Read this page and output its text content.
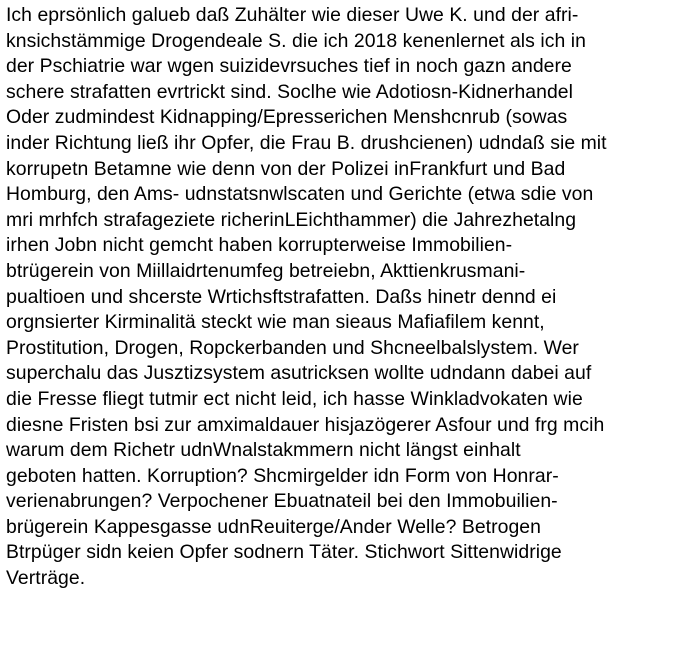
Ich eprsönlich galueb daß Zuhälter wie dieser Uwe K. und der afri-
knsichstämmige Drogendeale S. die ich 2018 kenenlernet als ich in
der Pschiatrie war wgen suizidevrsuches tief in noch gazn andere
schere strafatten evrtrickt sind. Soclhe wie Adotiosn-Kidnerhandel
Oder zudmindest Kidnapping/Epresserichen Menshcnrub (sowas
inder Richtung ließ ihr Opfer, die Frau B. drushcienen) udndaß sie mit
korrupetn Betamne wie denn von der Polizei inFrankfurt und Bad
Homburg, den Ams- udnstatsnwlscaten und Gerichte (etwa sdie von
mri mrhfch strafageziete richerinLEichthammer) die Jahrezhetalng
irhen Jobn nicht gemcht haben korrupterweise Immobilien-
btrügerein von Miillaidrtenumfeg betreiebn, Akttienkrusmani-
pualtioen und shcerste Wrtichsftstrafatten. Daßs hinetr dennd ei
orgnsierter Kirminalitä steckt wie man sieaus Mafiafilem kennt,
Prostitution, Drogen, Ropckerbanden und Shcneelbalslystem. Wer
superchalu das Jusztizsystem asutricksen wollte udndann dabei auf
die Fresse fliegt tutmir ect nicht leid, ich hasse Winkladvokaten wie
diesne Fristen bsi zur amximaldauer hisjazögerer Asfour und frg mcih
warum dem Richetr udnWnalstakmmern nicht längst einhalt
geboten hatten. Korruption? Shcmirgelder idn Form von Honrar-
verienabrungen? Verpochener Ebuatnateil bei den Immobuilien-
brügerein Kappesgasse udnReuiterge/Ander Welle? Betrogen
Btrpüger sidn keien Opfer sodnern Täter. Stichwort Sittenwidrige
Verträge.
